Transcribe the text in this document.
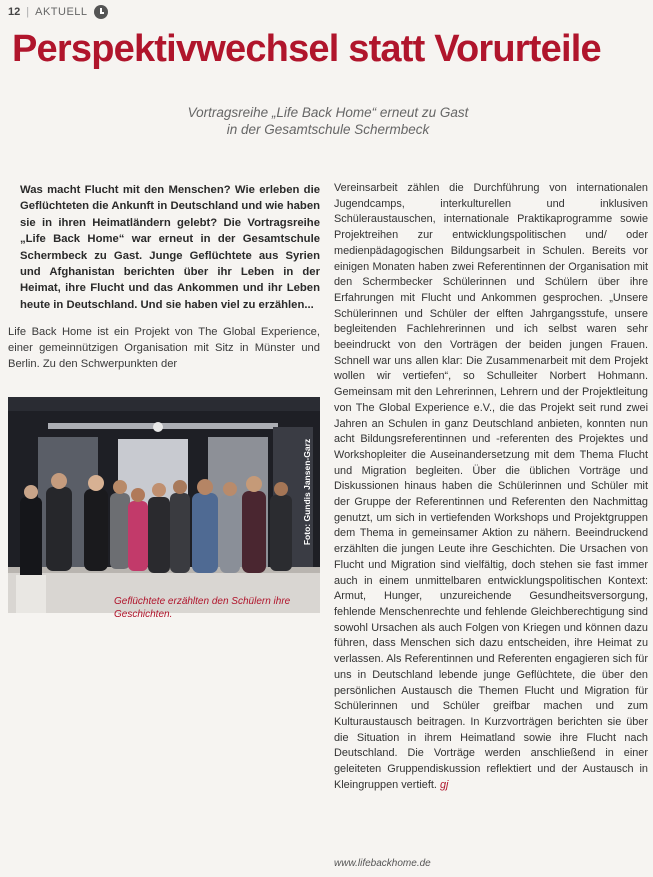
12 | AKTUELL
Perspektivwechsel statt Vorurteile
Vortragsreihe „Life Back Home“ erneut zu Gast
in der Gesamtschule Schermbeck
Was macht Flucht mit den Menschen? Wie erleben die Geflüchteten die Ankunft in Deutschland und wie haben sie in ihren Heimatländern gelebt? Die Vortragsreihe „Life Back Home“ war erneut in der Gesamtschule Schermbeck zu Gast. Junge Geflüchtete aus Syrien und Afghanistan berichten über ihr Leben in der Heimat, ihre Flucht und das Ankommen und ihr Leben heute in Deutschland. Und sie haben viel zu erzählen...
Life Back Home ist ein Projekt von The Global Experience, einer gemeinnützigen Organisation mit Sitz in Münster und Berlin. Zu den Schwerpunkten der
Foto: Gundis Jansen-Garz
Geflüchtete erzählten den Schülern ihre Geschichten.
Vereinsarbeit zählen die Durchführung von internationalen Jugendcamps, interkulturellen und inklusiven Schüleraustauschen, internationale Praktikaprogramme sowie Projektreihen zur entwicklungspolitischen und/ oder medienpädagogischen Bildungsarbeit in Schulen. Bereits vor einigen Monaten haben zwei Referentinnen der Organisation mit den Schermbecker Schülerinnen und Schülern über ihre Erfahrungen mit Flucht und Ankommen gesprochen. „Unsere Schülerinnen und Schüler der elften Jahrgangsstufe, unsere begleitenden Fachlehrerinnen und ich selbst waren sehr beeindruckt von den Vorträgen der beiden jungen Frauen. Schnell war uns allen klar: Die Zusammenarbeit mit dem Projekt wollen wir vertiefen“, so Schulleiter Norbert Hohmann. Gemeinsam mit den Lehrerinnen, Lehrern und der Projektleitung von The Global Experience e.V., die das Projekt seit rund zwei Jahren an Schulen in ganz Deutschland anbieten, konnten nun acht Bildungsreferentinnen und -referenten des Projektes und Workshopleiter die Auseinandersetzung mit dem Thema Flucht und Migration begleiten. Über die üblichen Vorträge und Diskussionen hinaus haben die Schülerinnen und Schüler mit der Gruppe der Referentinnen und Referenten den Nachmittag genutzt, um sich in vertiefenden Workshops und Projektgruppen dem Thema in gemeinsamer Aktion zu nähern. Beeindruckend erzählten die jungen Leute ihre Geschichten. Die Ursachen von Flucht und Migration sind vielfältig, doch stehen sie fast immer auch in einem unmittelbaren entwicklungspolitischen Kontext: Armut, Hunger, unzureichende Gesundheitsversorgung, fehlende Menschenrechte und fehlende Gleichberechtigung sind sowohl Ursachen als auch Folgen von Kriegen und können dazu führen, dass Menschen sich dazu entscheiden, ihre Heimat zu verlassen. Als Referentinnen und Referenten engagieren sich für uns in Deutschland lebende junge Geflüchtete, die über den persönlichen Austausch die Themen Flucht und Migration für Schülerinnen und Schüler greifbar machen und zum Kulturaustausch beitragen. In Kurzvorträgen berichten sie über die Situation in ihrem Heimatland sowie ihre Flucht nach Deutschland. Die Vorträge werden anschließend in einer geleiteten Gruppendiskussion reflektiert und der Austausch in Kleingruppen vertieft. gj
www.lifebackhome.de
